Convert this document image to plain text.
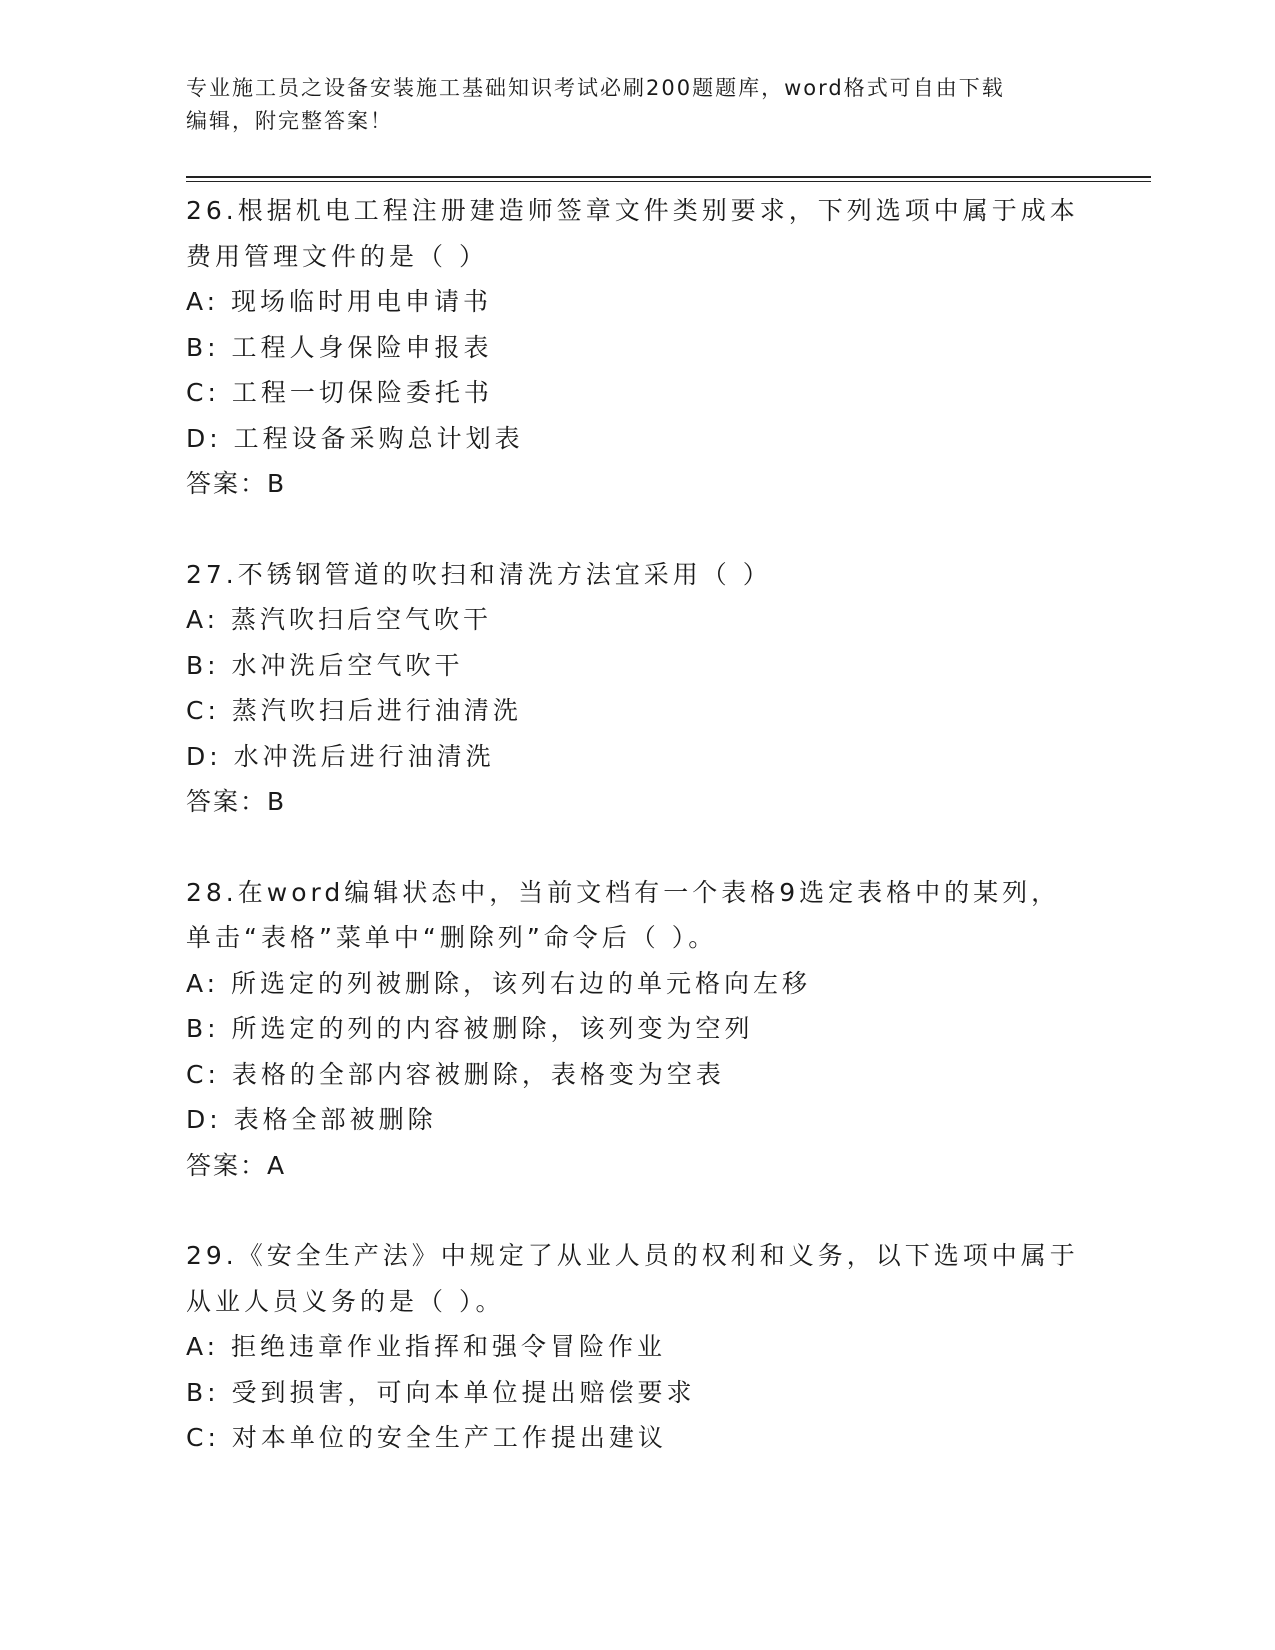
专业施工员之设备安装施工基础知识考试必刷200题题库，word格式可自由下载
编辑，附完整答案！
26.根据机电工程注册建造师签章文件类别要求，下列选项中属于成本
费用管理文件的是（ ）
A: 现场临时用电申请书
B: 工程人身保险申报表
C: 工程一切保险委托书
D: 工程设备采购总计划表
答案：B
27.不锈钢管道的吹扫和清洗方法宜采用（ ）
A: 蒸汽吹扫后空气吹干
B: 水冲洗后空气吹干
C: 蒸汽吹扫后进行油清洗
D: 水冲洗后进行油清洗
答案：B
28.在word编辑状态中，当前文档有一个表格9选定表格中的某列，
单击“表格”菜单中“删除列”命令后（ ）。
A: 所选定的列被删除，该列右边的单元格向左移
B: 所选定的列的内容被删除，该列变为空列
C: 表格的全部内容被删除，表格变为空表
D: 表格全部被删除
答案：A
29.《安全生产法》中规定了从业人员的权利和义务，以下选项中属于
从业人员义务的是（ ）。
A: 拒绝违章作业指挥和强令冒险作业
B: 受到损害，可向本单位提出赔偿要求
C: 对本单位的安全生产工作提出建议
